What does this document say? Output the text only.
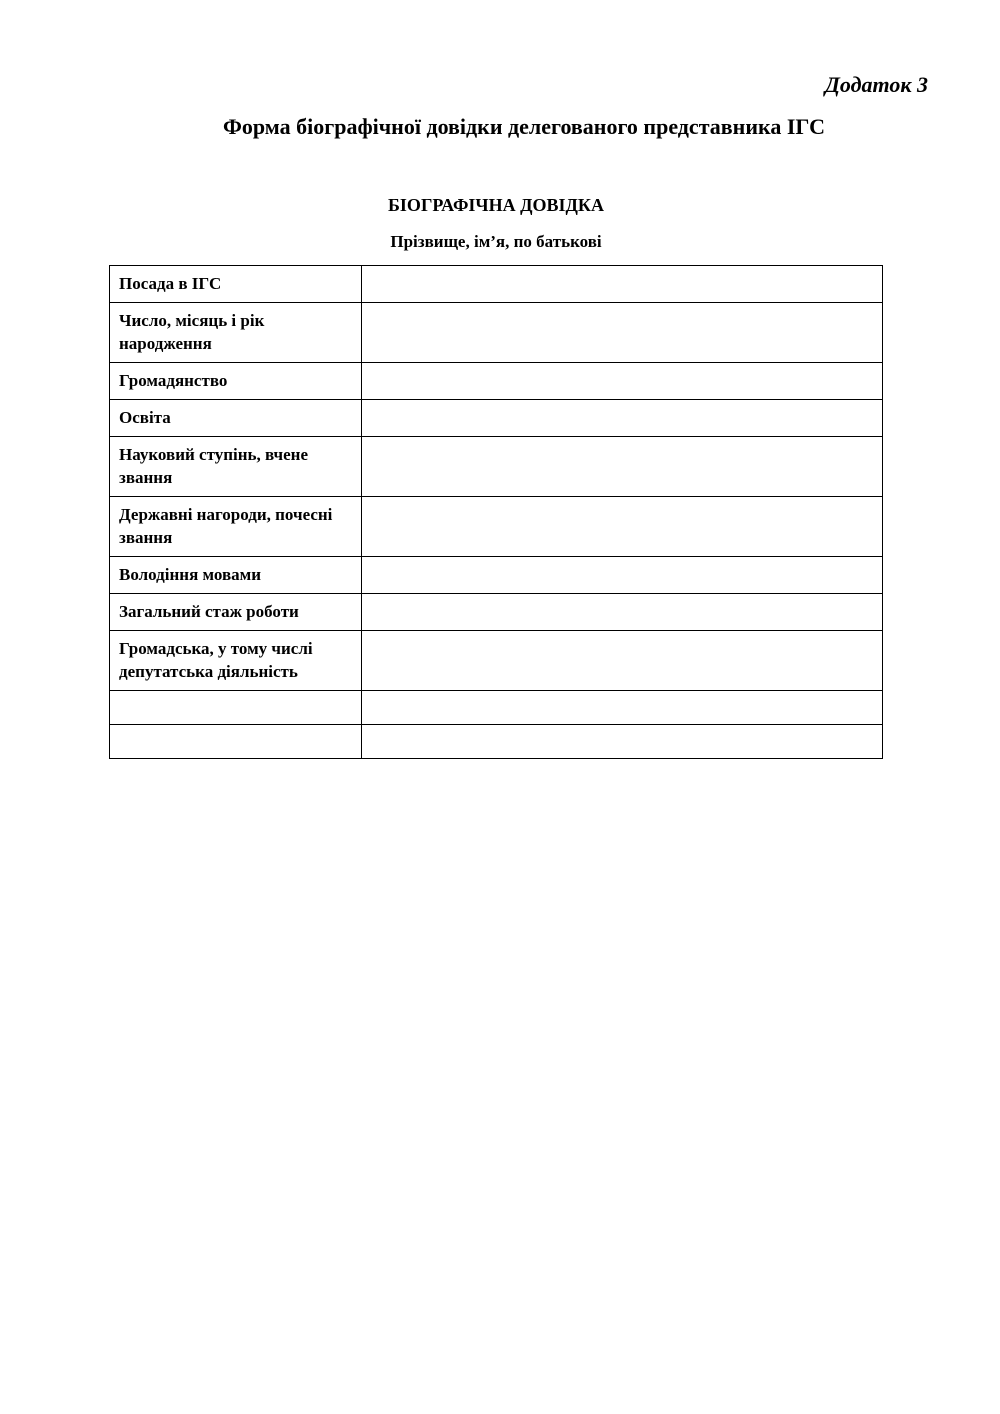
Додаток 3
Форма біографічної довідки делегованого представника ІГС
БІОГРАФІЧНА ДОВІДКА
Прізвище, ім’я, по батькові
Посада в ІГС	
Число, місяць і рік народження	
Громадянство	
Освіта	
Науковий ступінь, вчене звання	
Державні нагороди, почесні звання	
Володіння мовами	
Загальний стаж роботи	
Громадська, у тому числі депутатська діяльність	
